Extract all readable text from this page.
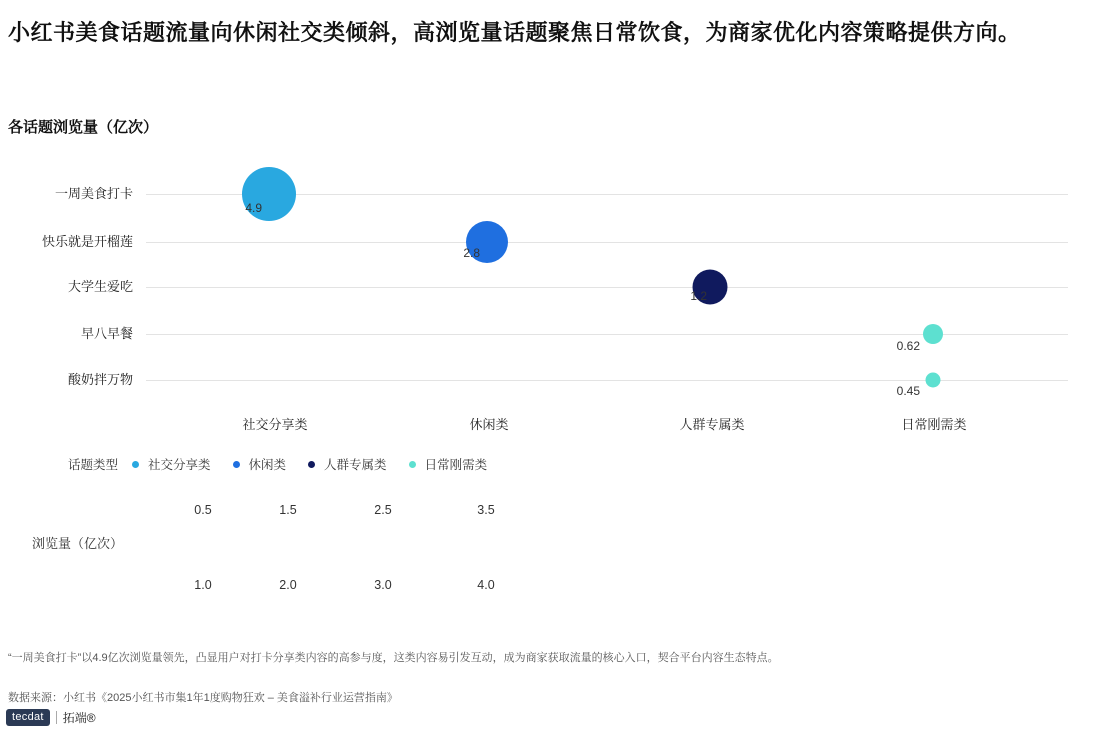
小红书美食话题流量向休闲社交类倾斜，高浏览量话题聚焦日常饮食，为商家优化内容策略提供方向。
各话题浏览量（亿次）
一周美食打卡
快乐就是开榴莲
大学生爱吃
早八早餐
酸奶拌万物
4.9
2.8
1.2
0.62
0.45
社交分享类	休闲类	人群专属类	日常刚需类
话题类型 社交分享类	休闲类	人群专属类	日常刚需类
浏览量（亿次）
0.5	1.5	2.5	3.5
1.0	2.0	3.0	4.0
“一周美食打卡”以4.9亿次浏览量领先，凸显用户对打卡分享类内容的高参与度，这类内容易引发互动，成为商家获取流量的核心入口，契合平台内容生态特点。
数据来源：小红书《2025小红书市集1年1度购物狂欢 – 美食溢补行业运营指南》
tecdat	拓端®
